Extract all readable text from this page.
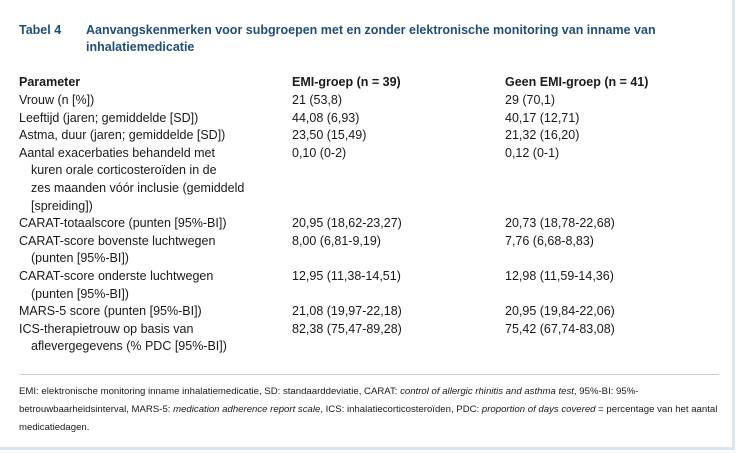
Tabel 4	Aanvangskenmerken voor subgroepen met en zonder elektronische monitoring van inname van inhalatiemedicatie
Parameter	EMI-groep (n = 39)	Geen EMI-groep (n = 41)
Vrouw (n [%])	21 (53,8)	29 (70,1)
Leeftijd (jaren; gemiddelde [SD])	44,08 (6,93)	40,17 (12,71)
Astma, duur (jaren; gemiddelde [SD])	23,50 (15,49)	21,32 (16,20)
Aantal exacerbaties behandeld met
kuren orale corticosteroïden in de
zes maanden vóór inclusie (gemiddeld
[spreiding])	0,10 (0-2)	0,12 (0-1)
CARAT-totaalscore (punten [95%-BI])	20,95 (18,62-23,27)	20,73 (18,78-22,68)
CARAT-score bovenste luchtwegen
(punten [95%-BI])	8,00 (6,81-9,19)	7,76 (6,68-8,83)
CARAT-score onderste luchtwegen
(punten [95%-BI])	12,95 (11,38-14,51)	12,98 (11,59-14,36)
MARS-5 score (punten [95%-BI])	21,08 (19,97-22,18)	20,95 (19,84-22,06)
ICS-therapietrouw op basis van
aflevergegevens (% PDC [95%-BI])	82,38 (75,47-89,28)	75,42 (67,74-83,08)
EMI: elektronische monitoring inname inhalatiemedicatie, SD: standaarddeviatie, CARAT: control of allergic rhinitis and asthma test, 95%-BI: 95%-betrouwbaarheidsinterval, MARS-5: medication adherence report scale, ICS: inhalatiecorticosteroïden, PDC: proportion of days covered = percentage van het aantal medicatiedagen.
